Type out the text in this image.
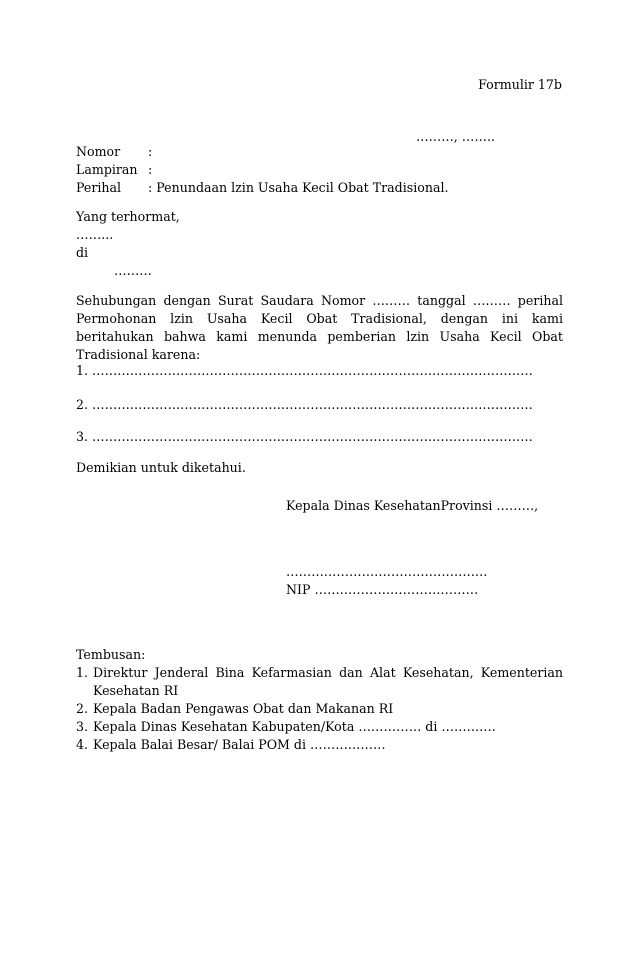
Formulir 17b
………, ……..
Nomor	:
Lampiran :
Perihal	: Penundaan lzin Usaha Kecil Obat Tradisional.
Yang terhormat,
……...
di
………
Sehubungan dengan Surat Saudara Nomor ……… tanggal ……… perihal Permohonan lzin Usaha Kecil Obat Tradisional, dengan ini kami beritahukan bahwa kami menunda pemberian lzin Usaha Kecil Obat Tradisional karena:
1. ……………………………………………………………………………………………
2. ……………………………………………………………………………………………
3. ……………………………………………………………………………………………
Demikian untuk diketahui.
Kepala Dinas KesehatanProvinsi ………,
…………………………………………
NIP …………………………………
Tembusan:
1. Direktur Jenderal Bina Kefarmasian dan Alat Kesehatan, Kementerian Kesehatan RI
2. Kepala Badan Pengawas Obat dan Makanan RI
3. Kepala Dinas Kesehatan Kabupaten/Kota …………… di ………….
4. Kepala Balai Besar/ Balai POM di ………………
